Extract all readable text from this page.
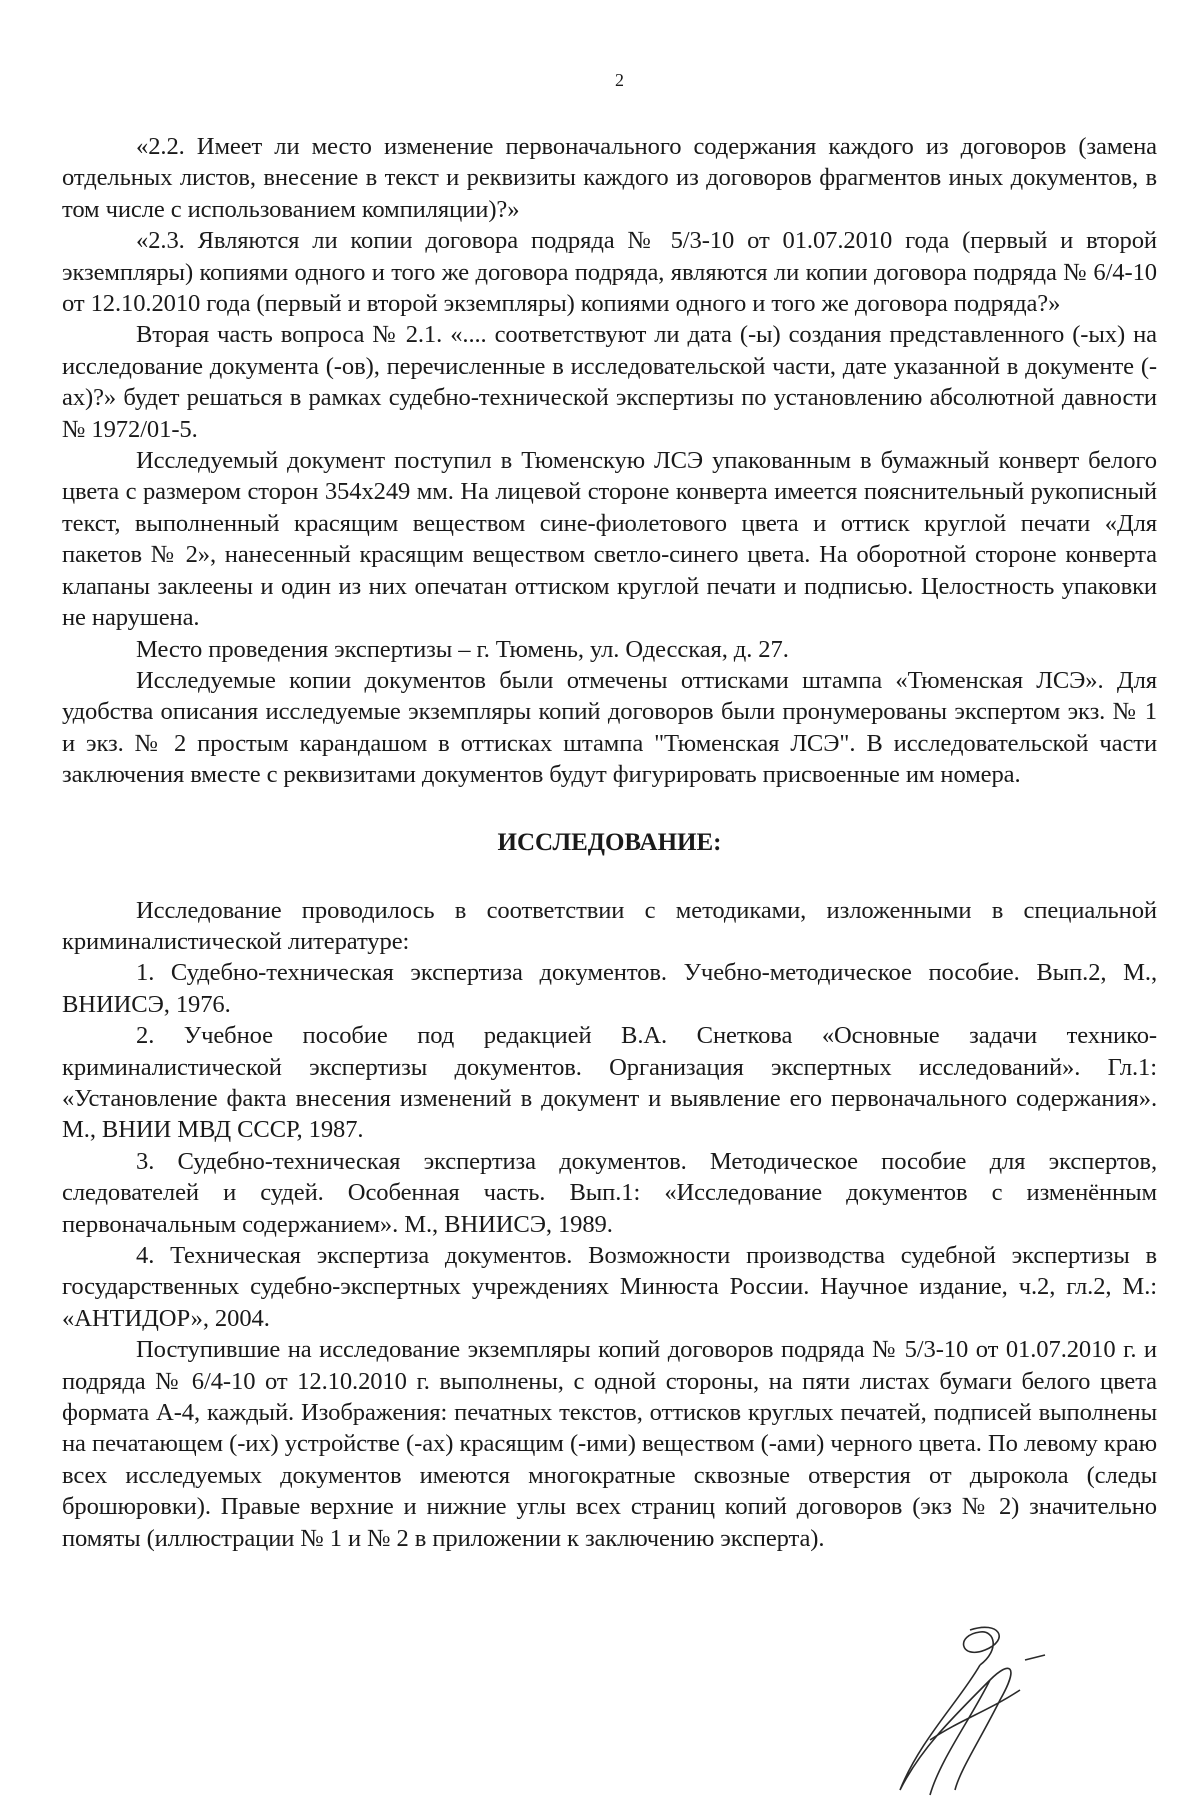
2

«2.2. Имеет ли место изменение первоначального содержания каждого из договоров (замена отдельных листов, внесение в текст и реквизиты каждого из договоров фрагментов иных документов, в том числе с использованием компиляции)?»

«2.3. Являются ли копии договора подряда № 5/3-10 от 01.07.2010 года (первый и второй экземпляры) копиями одного и того же договора подряда, являются ли копии договора подряда № 6/4-10 от 12.10.2010 года (первый и второй экземпляры) копиями одного и того же договора подряда?»

Вторая часть вопроса № 2.1. «.... соответствуют ли дата (-ы) создания представленного (-ых) на исследование документа (-ов), перечисленные в исследовательской части, дате указанной в документе (-ах)?» будет решаться в рамках судебно-технической экспертизы по установлению абсолютной давности № 1972/01-5.

Исследуемый документ поступил в Тюменскую ЛСЭ упакованным в бумажный конверт белого цвета с размером сторон 354x249 мм. На лицевой стороне конверта имеется пояснительный рукописный текст, выполненный красящим веществом сине-фиолетового цвета и оттиск круглой печати «Для пакетов № 2», нанесенный красящим веществом светло-синего цвета. На оборотной стороне конверта клапаны заклеены и один из них опечатан оттиском круглой печати и подписью. Целостность упаковки не нарушена.

Место проведения экспертизы – г. Тюмень, ул. Одесская, д. 27.

Исследуемые копии документов были отмечены оттисками штампа «Тюменская ЛСЭ». Для удобства описания исследуемые экземпляры копий договоров были пронумерованы экспертом экз. № 1 и экз. № 2 простым карандашом в оттисках штампа "Тюменская ЛСЭ". В исследовательской части заключения вместе с реквизитами документов будут фигурировать присвоенные им номера.

ИССЛЕДОВАНИЕ:

Исследование проводилось в соответствии с методиками, изложенными в специальной криминалистической литературе:

1. Судебно-техническая экспертиза документов. Учебно-методическое пособие. Вып.2, М., ВНИИСЭ, 1976.

2. Учебное пособие под редакцией В.А. Снеткова «Основные задачи технико-криминалистической экспертизы документов. Организация экспертных исследований». Гл.1: «Установление факта внесения изменений в документ и выявление его первоначального содержания». М., ВНИИ МВД СССР, 1987.

3. Судебно-техническая экспертиза документов. Методическое пособие для экспертов, следователей и судей. Особенная часть. Вып.1: «Исследование документов с изменённым первоначальным содержанием». М., ВНИИСЭ, 1989.

4. Техническая экспертиза документов. Возможности производства судебной экспертизы в государственных судебно-экспертных учреждениях Минюста России. Научное издание, ч.2, гл.2, М.: «АНТИДОР», 2004.

Поступившие на исследование экземпляры копий договоров подряда № 5/3-10 от 01.07.2010 г. и подряда № 6/4-10 от 12.10.2010 г. выполнены, с одной стороны, на пяти листах бумаги белого цвета формата А-4, каждый. Изображения: печатных текстов, оттисков круглых печатей, подписей выполнены на печатающем (-их) устройстве (-ах) красящим (-ими) веществом (-ами) черного цвета. По левому краю всех исследуемых документов имеются многократные сквозные отверстия от дырокола (следы брошюровки). Правые верхние и нижние углы всех страниц копий договоров (экз № 2) значительно помяты (иллюстрации № 1 и № 2 в приложении к заключению эксперта).
